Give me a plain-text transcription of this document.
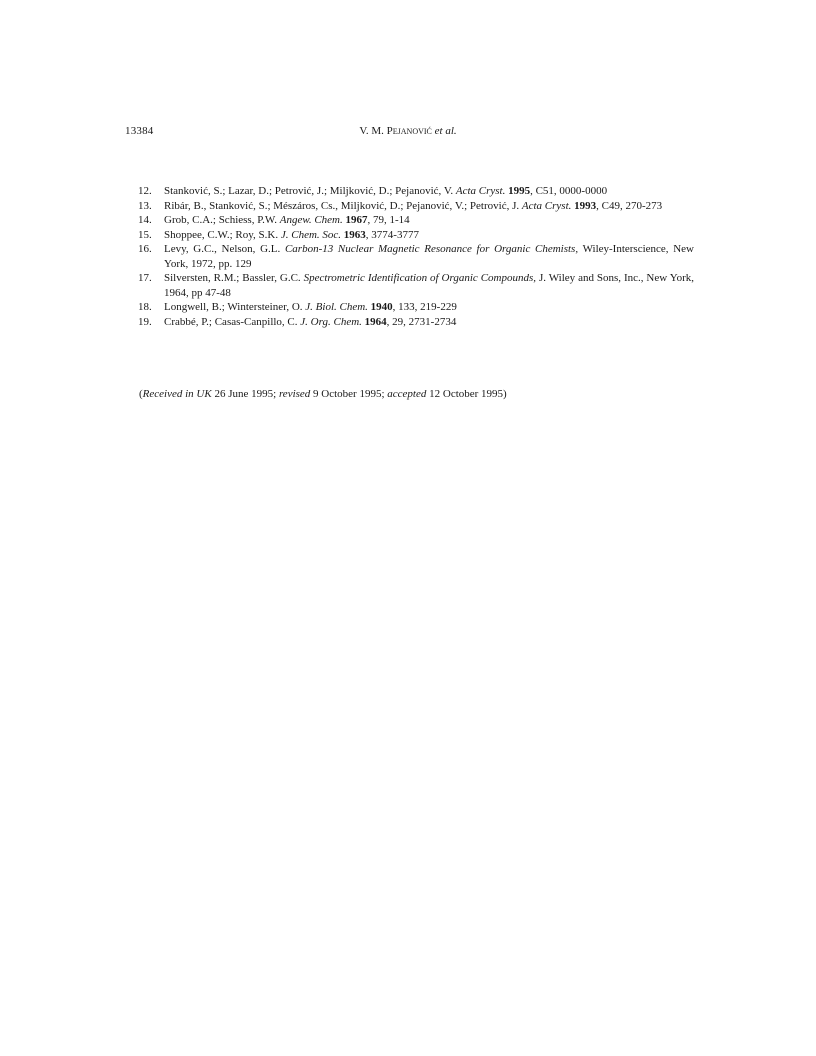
13384	V. M. Pejanović et al.
12.	Stanković, S.; Lazar, D.; Petrović, J.; Miljković, D.; Pejanović, V. Acta Cryst. 1995, C51, 0000-0000
13.	Ribár, B., Stanković, S.; Mészáros, Cs., Miljković, D.; Pejanović, V.; Petrović, J. Acta Cryst. 1993, C49, 270-273
14.	Grob, C.A.; Schiess, P.W. Angew. Chem. 1967, 79, 1-14
15.	Shoppee, C.W.; Roy, S.K. J. Chem. Soc. 1963, 3774-3777
16.	Levy, G.C., Nelson, G.L. Carbon-13 Nuclear Magnetic Resonance for Organic Chemists, Wiley-Interscience, New York, 1972, pp. 129
17.	Silversten, R.M.; Bassler, G.C. Spectrometric Identification of Organic Compounds, J. Wiley and Sons, Inc., New York, 1964, pp 47-48
18.	Longwell, B.; Wintersteiner, O. J. Biol. Chem. 1940, 133, 219-229
19.	Crabbé, P.; Casas-Canpillo, C. J. Org. Chem. 1964, 29, 2731-2734
(Received in UK 26 June 1995; revised 9 October 1995; accepted 12 October 1995)
